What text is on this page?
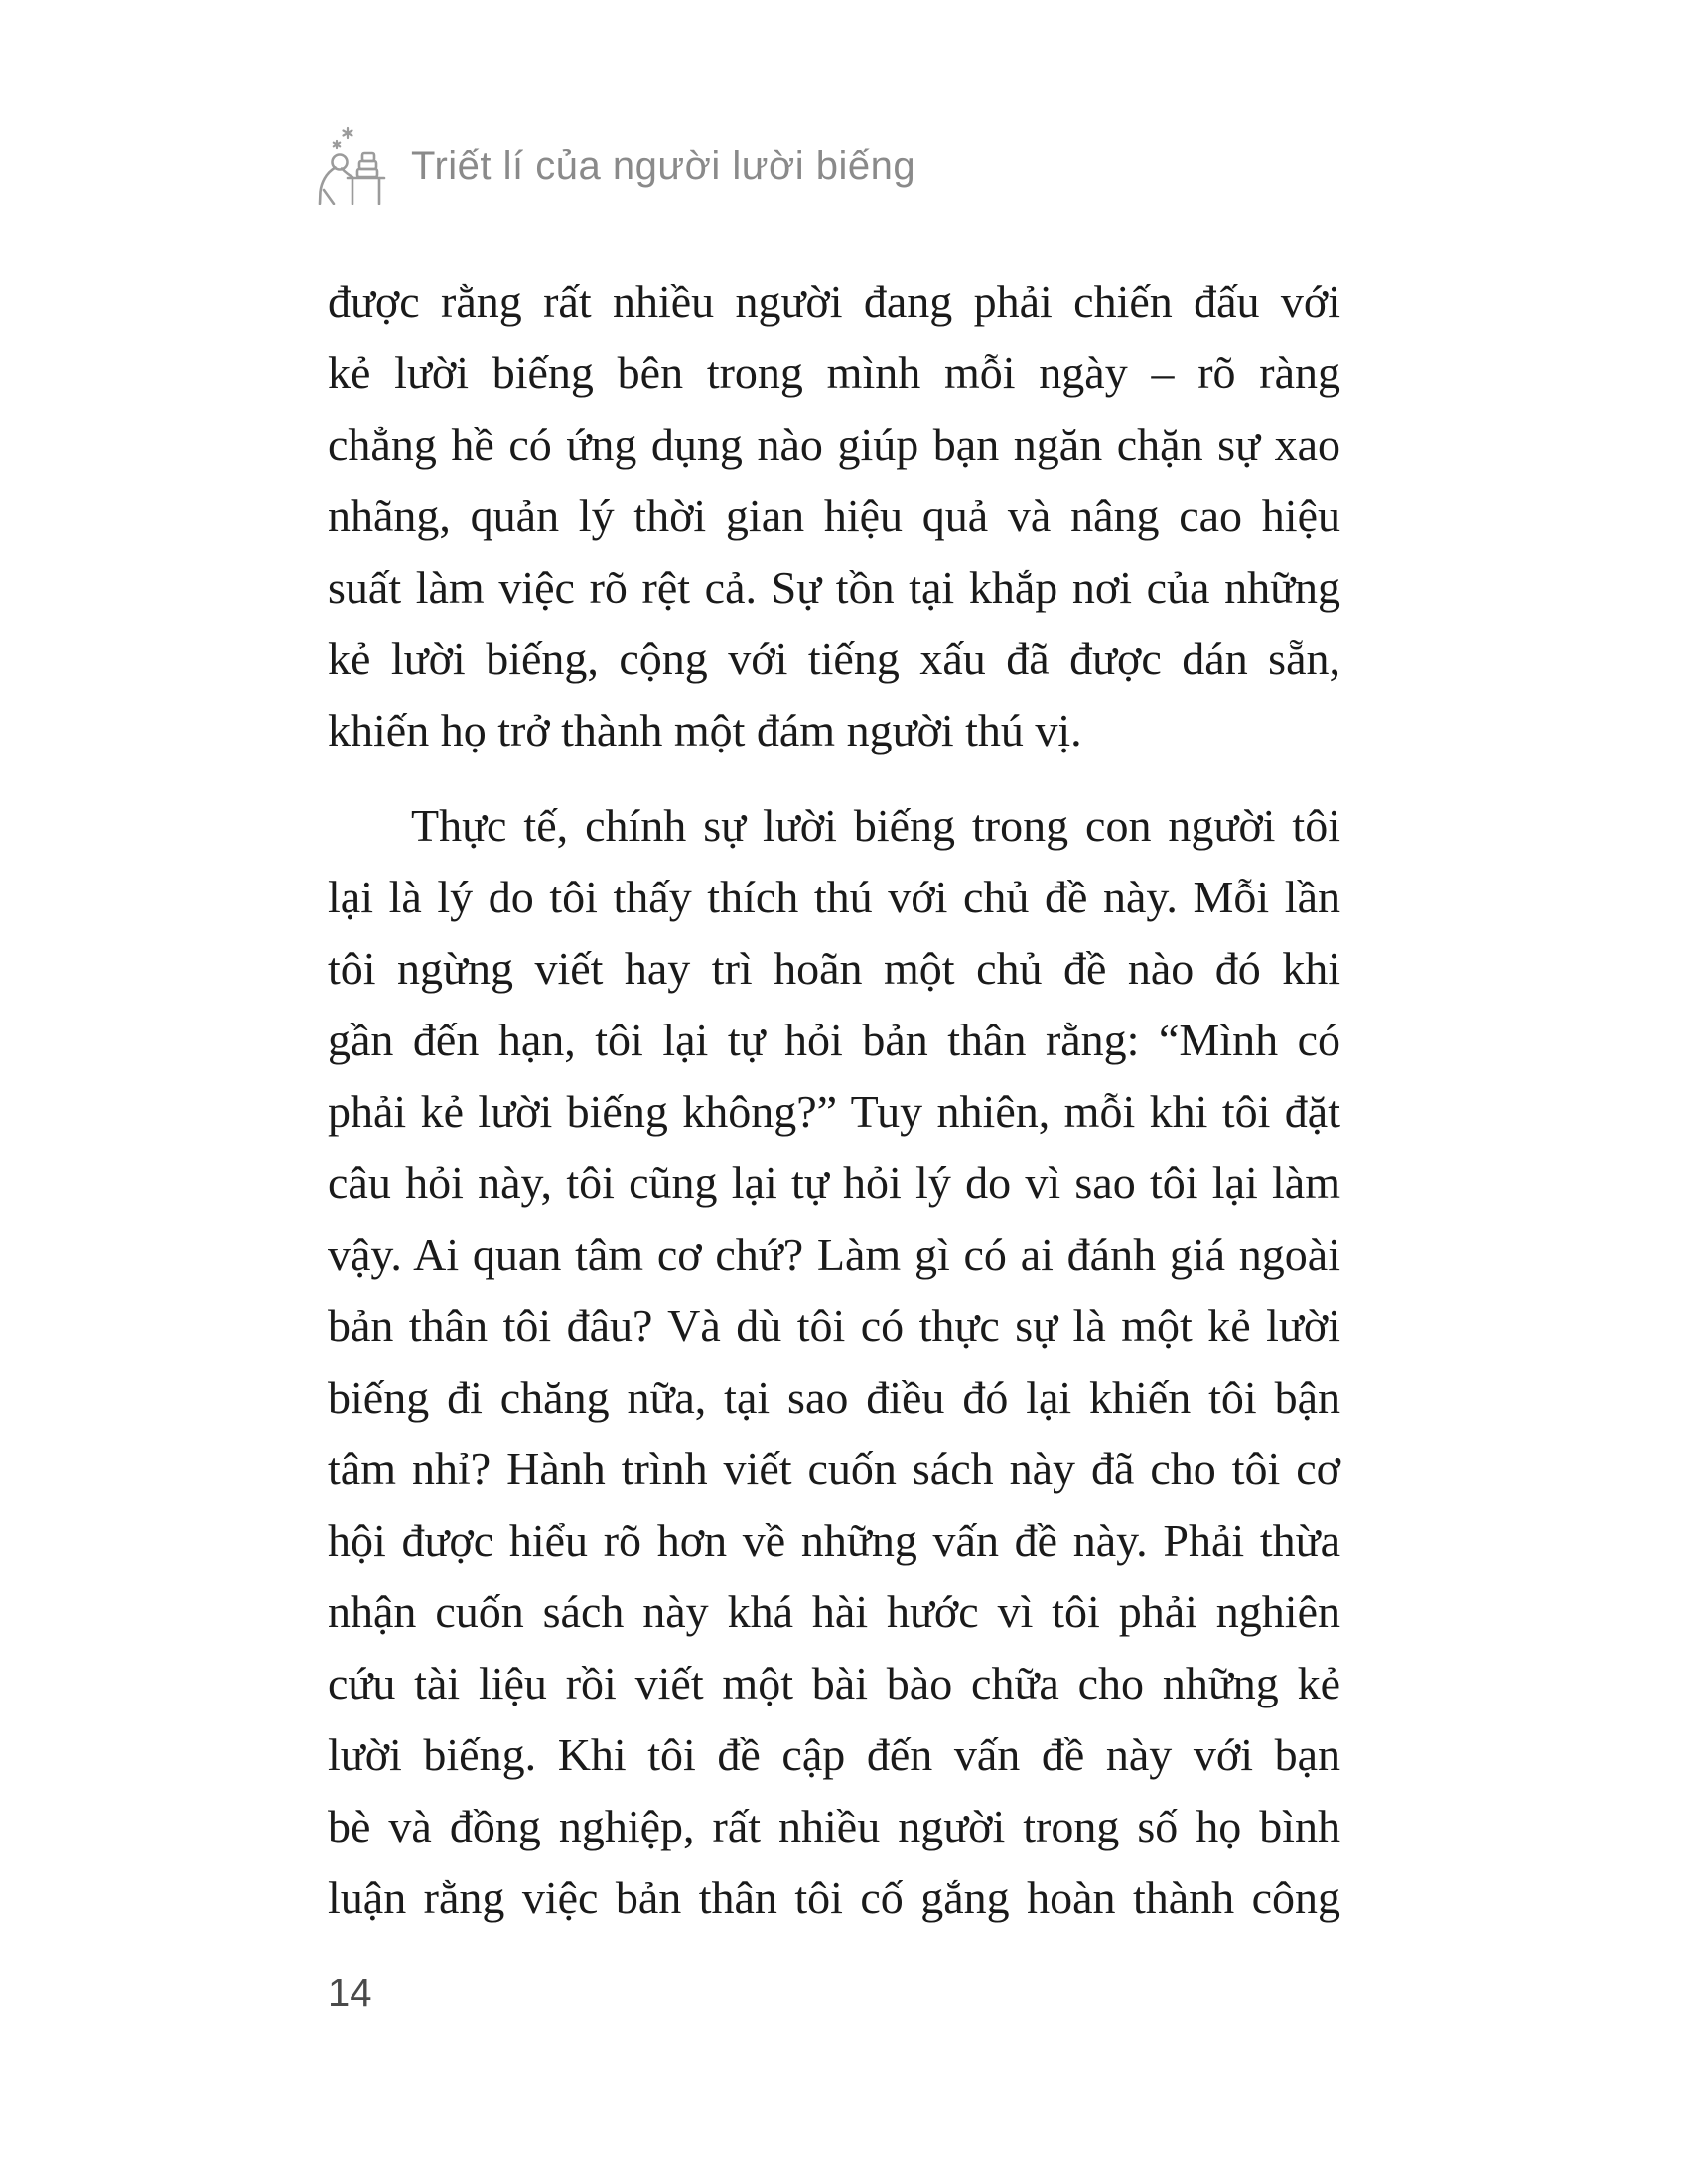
Triết lí của người lười biếng
được rằng rất nhiều người đang phải chiến đấu với
kẻ lười biếng bên trong mình mỗi ngày – rõ ràng
chẳng hề có ứng dụng nào giúp bạn ngăn chặn sự xao
nhãng, quản lý thời gian hiệu quả và nâng cao hiệu
suất làm việc rõ rệt cả. Sự tồn tại khắp nơi của những
kẻ lười biếng, cộng với tiếng xấu đã được dán sẵn,
khiến họ trở thành một đám người thú vị.
Thực tế, chính sự lười biếng trong con người tôi
lại là lý do tôi thấy thích thú với chủ đề này. Mỗi lần
tôi ngừng viết hay trì hoãn một chủ đề nào đó khi
gần đến hạn, tôi lại tự hỏi bản thân rằng: “Mình có
phải kẻ lười biếng không?” Tuy nhiên, mỗi khi tôi đặt
câu hỏi này, tôi cũng lại tự hỏi lý do vì sao tôi lại làm
vậy. Ai quan tâm cơ chứ? Làm gì có ai đánh giá ngoài
bản thân tôi đâu? Và dù tôi có thực sự là một kẻ lười
biếng đi chăng nữa, tại sao điều đó lại khiến tôi bận
tâm nhỉ? Hành trình viết cuốn sách này đã cho tôi cơ
hội được hiểu rõ hơn về những vấn đề này. Phải thừa
nhận cuốn sách này khá hài hước vì tôi phải nghiên
cứu tài liệu rồi viết một bài bào chữa cho những kẻ
lười biếng. Khi tôi đề cập đến vấn đề này với bạn
bè và đồng nghiệp, rất nhiều người trong số họ bình
luận rằng việc bản thân tôi cố gắng hoàn thành công
14
